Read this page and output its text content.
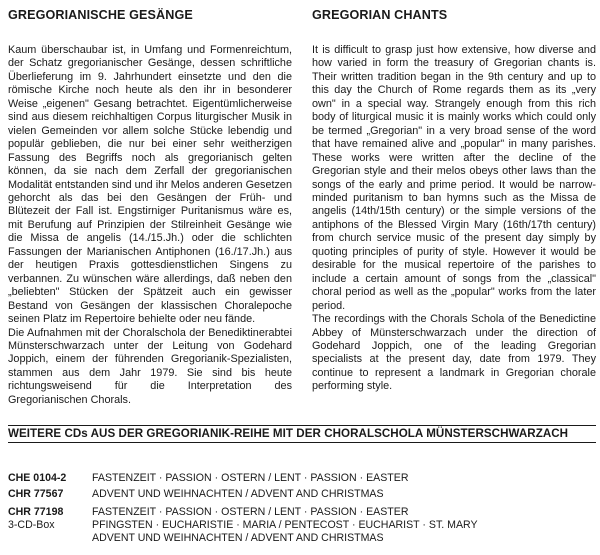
GREGORIANISCHE GESÄNGE

Kaum überschaubar ist, in Umfang und Formenreichtum, der Schatz gregorianischer Gesänge, dessen schriftliche Überlieferung im 9. Jahrhundert einsetzte und den die römische Kirche noch heute als den ihr in besonderer Weise „eigenen" Gesang betrachtet. Eigentümlicherweise sind aus diesem reichhaltigen Corpus liturgischer Musik in vielen Gemeinden vor allem solche Stücke lebendig und populär geblieben, die nur bei einer sehr weitherzigen Fassung des Begriffs noch als gregorianisch gelten können, da sie nach dem Zerfall der gregorianischen Modalität entstanden sind und ihr Melos anderen Gesetzen gehorcht als das bei den Gesängen der Früh- und Blütezeit der Fall ist. Engstirniger Puritanismus wäre es, mit Berufung auf Prinzipien der Stilreinheit Gesänge wie die Missa de angelis (14./15.Jh.) oder die schlichten Fassungen der Marianischen Antiphonen (16./17.Jh.) aus der heutigen Praxis gottesdienstlichen Singens zu verbannen. Zu wünschen wäre allerdings, daß neben den „beliebten" Stücken der Spätzeit auch ein gewisser Bestand von Gesängen der klassischen Choralepoche seinen Platz im Repertoire behielte oder neu fände.

Die Aufnahmen mit der Choralschola der Benediktinerabtei Münsterschwarzach unter der Leitung von Godehard Joppich, einem der führenden Gregorianik-Spezialisten, stammen aus dem Jahr 1979. Sie sind bis heute richtungsweisend für die Interpretation des Gregorianischen Chorals.

GREGORIAN CHANTS

It is difficult to grasp just how extensive, how diverse and how varied in form the treasury of Gregorian chants is. Their written tradition began in the 9th century and up to this day the Church of Rome regards them as its „very own" in a special way. Strangely enough from this rich body of liturgical music it is mainly works which could only be termed „Gregorian" in a very broad sense of the word that have remained alive and „popular" in many parishes. These works were written after the decline of the Gregorian style and their melos obeys other laws than the songs of the early and prime period. It would be narrow-minded puritanism to ban hymns such as the Missa de angelis (14th/15th century) or the simple versions of the antiphons of the Blessed Virgin Mary (16th/17th century) from church service music of the present day simply by quoting principles of purity of style. However it would be desirable for the musical repertoire of the parishes to include a certain amount of songs from the „classical" choral period as well as the „popular" works from the later period.

The recordings with the Chorals Schola of the Benedictine Abbey of Münsterschwarzach under the direction of Godehard Joppich, one of the leading Gregorian specialists at the present day, date from 1979. They continue to represent a landmark in Gregorian chorale performing style.

WEITERE CDs AUS DER GREGORIANIK-REIHE MIT DER CHORALSCHOLA MÜNSTERSCHWARZACH
CHE 0104-2 FASTENZEIT · PASSION · OSTERN / LENT · PASSION · EASTER
CHR 77567	ADVENT UND WEIHNACHTEN / ADVENT AND CHRISTMAS
CHR 77198
3-CD-Box
FASTENZEIT · PASSION · OSTERN / LENT · PASSION · EASTER
PFINGSTEN · EUCHARISTIE · MARIA / PENTECOST · EUCHARIST · ST. MARY
ADVENT UND WEIHNACHTEN / ADVENT AND CHRISTMAS
